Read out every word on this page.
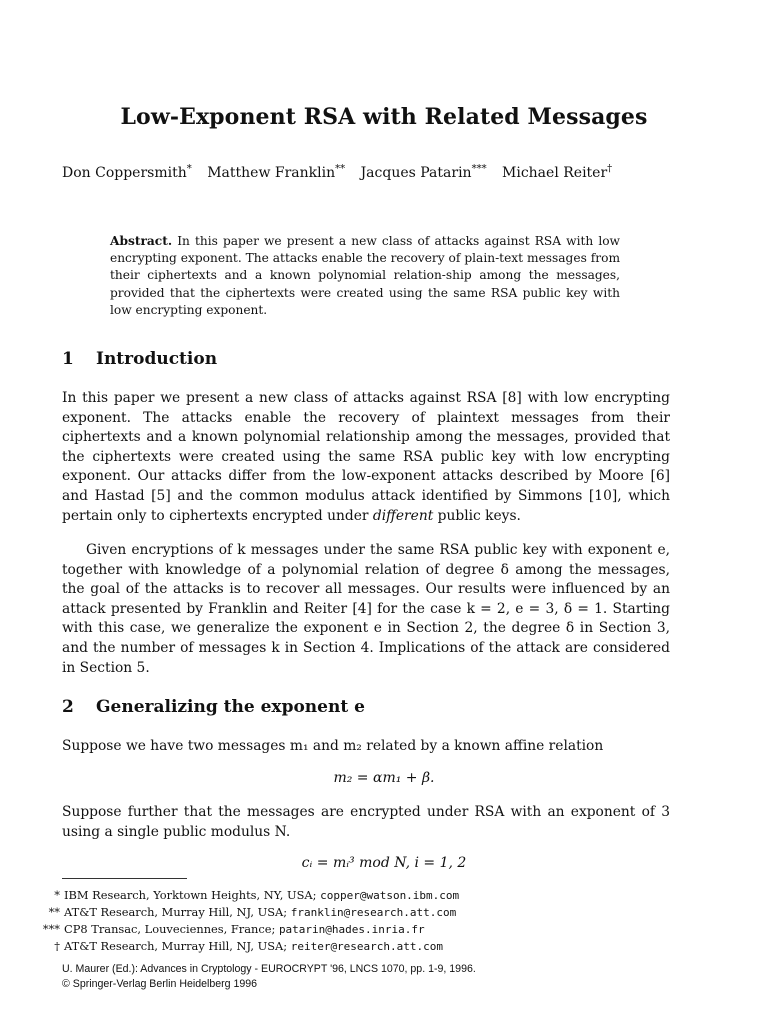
Low-Exponent RSA with Related Messages
Don Coppersmith* Matthew Franklin** Jacques Patarin*** Michael Reiter†
Abstract. In this paper we present a new class of attacks against RSA with low encrypting exponent. The attacks enable the recovery of plain-text messages from their ciphertexts and a known polynomial relation-ship among the messages, provided that the ciphertexts were created using the same RSA public key with low encrypting exponent.
1 Introduction
In this paper we present a new class of attacks against RSA [8] with low encrypting exponent. The attacks enable the recovery of plaintext messages from their ciphertexts and a known polynomial relationship among the messages, provided that the ciphertexts were created using the same RSA public key with low encrypting exponent. Our attacks differ from the low-exponent attacks described by Moore [6] and Hastad [5] and the common modulus attack identified by Simmons [10], which pertain only to ciphertexts encrypted under different public keys.
Given encryptions of k messages under the same RSA public key with exponent e, together with knowledge of a polynomial relation of degree δ among the messages, the goal of the attacks is to recover all messages. Our results were influenced by an attack presented by Franklin and Reiter [4] for the case k = 2, e = 3, δ = 1. Starting with this case, we generalize the exponent e in Section 2, the degree δ in Section 3, and the number of messages k in Section 4. Implications of the attack are considered in Section 5.
2 Generalizing the exponent e
Suppose we have two messages m₁ and m₂ related by a known affine relation
m₂ = αm₁ + β.
Suppose further that the messages are encrypted under RSA with an exponent of 3 using a single public modulus N.
cᵢ = mᵢ³ mod N, i = 1, 2
* IBM Research, Yorktown Heights, NY, USA; copper@watson.ibm.com
** AT&T Research, Murray Hill, NJ, USA; franklin@research.att.com
*** CP8 Transac, Louveciennes, France; patarin@hades.inria.fr
† AT&T Research, Murray Hill, NJ, USA; reiter@research.att.com
U. Maurer (Ed.): Advances in Cryptology - EUROCRYPT '96, LNCS 1070, pp. 1-9, 1996.
© Springer-Verlag Berlin Heidelberg 1996
